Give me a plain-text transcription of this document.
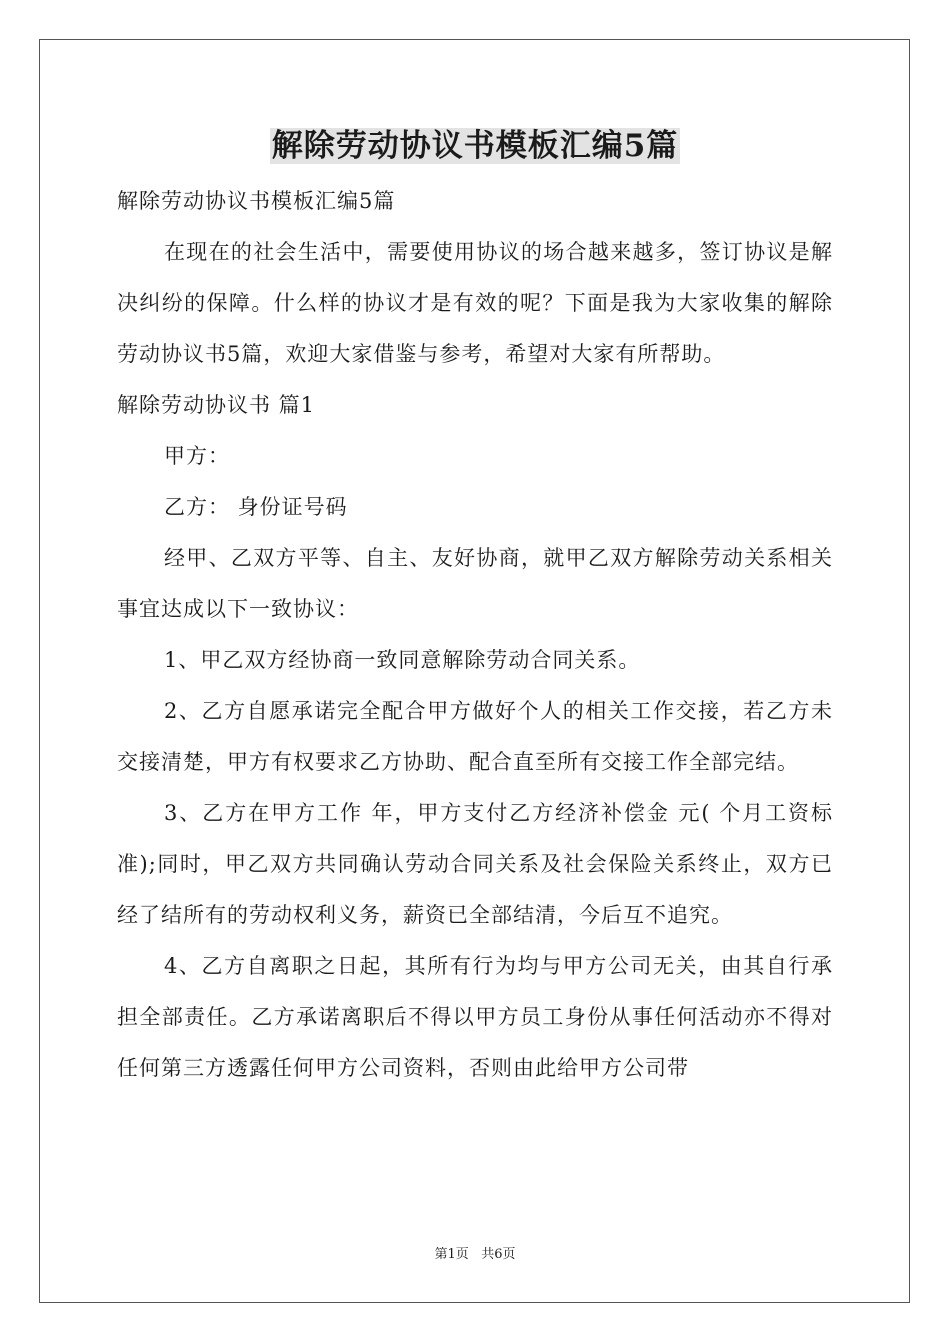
解除劳动协议书模板汇编5篇

解除劳动协议书模板汇编5篇

在现在的社会生活中，需要使用协议的场合越来越多，签订协议是解决纠纷的保障。什么样的协议才是有效的呢？下面是我为大家收集的解除劳动协议书5篇，欢迎大家借鉴与参考，希望对大家有所帮助。

解除劳动协议书 篇1

甲方：

乙方： 身份证号码

经甲、乙双方平等、自主、友好协商，就甲乙双方解除劳动关系相关事宜达成以下一致协议：

1、甲乙双方经协商一致同意解除劳动合同关系。

2、乙方自愿承诺完全配合甲方做好个人的相关工作交接，若乙方未交接清楚，甲方有权要求乙方协助、配合直至所有交接工作全部完结。

3、乙方在甲方工作 年，甲方支付乙方经济补偿金 元( 个月工资标准);同时，甲乙双方共同确认劳动合同关系及社会保险关系终止，双方已经了结所有的劳动权利义务，薪资已全部结清，今后互不追究。

4、乙方自离职之日起，其所有行为均与甲方公司无关，由其自行承担全部责任。乙方承诺离职后不得以甲方员工身份从事任何活动亦不得对任何第三方透露任何甲方公司资料，否则由此给甲方公司带

第1页 共6页
